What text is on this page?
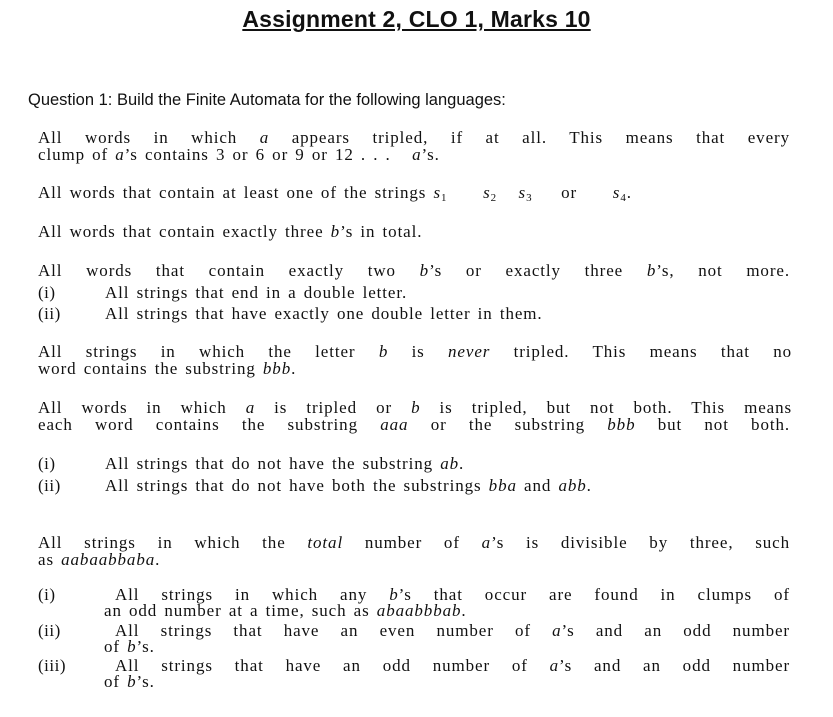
Assignment 2, CLO 1, Marks 10
Question 1: Build the Finite Automata for the following languages:
All words in which a appears tripled, if at all. This means that every
clump of a’s contains 3 or 6 or 9 or 12 . . . a’s.
All words that contain at least one of the strings $s_1$ $s_2$ $s_3$ or $s_4$.
All words that contain exactly three b’s in total.
All words that contain exactly two b’s or exactly three b’s, not more.
(i)	All strings that end in a double letter.
(ii)	All strings that have exactly one double letter in them.
All strings in which the letter b is never tripled. This means that no
word contains the substring bbb.
All words in which a is tripled or b is tripled, but not both. This means
each word contains the substring aaa or the substring bbb but not both.
(i)	All strings that do not have the substring ab.
(ii)	All strings that do not have both the substrings bba and abb.
All strings in which the total number of a’s is divisible by three, such
as aabaabbaba.
(i)	All strings in which any b’s that occur are found in clumps of
an odd number at a time, such as abaabbbab.
(ii)	All strings that have an even number of a’s and an odd number
of b’s.
(iii)	All strings that have an odd number of a’s and an odd number
of b’s.
